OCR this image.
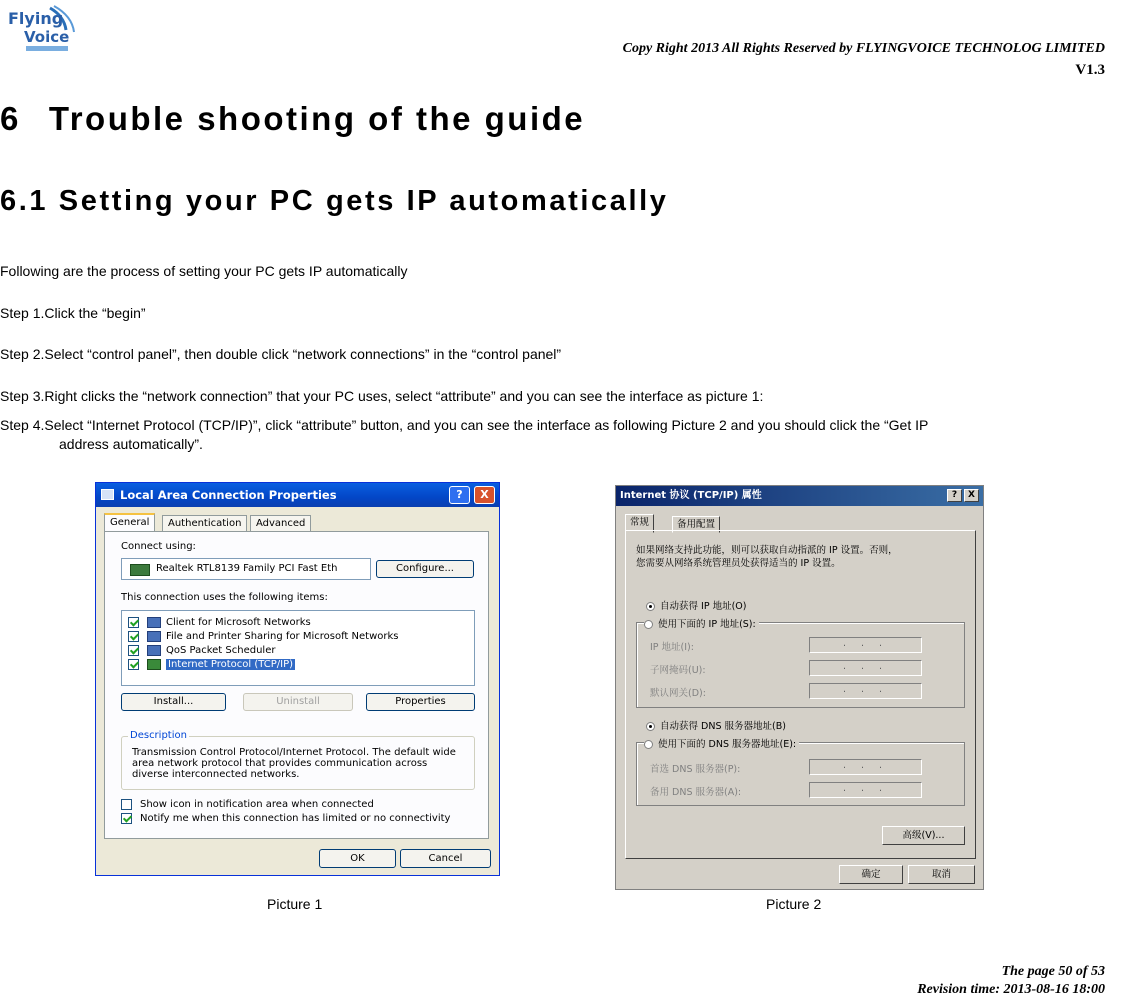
Flying
Voice
Copy Right 2013 All Rights Reserved by FLYINGVOICE TECHNOLOG LIMITED
V1.3
6 Trouble shooting of the guide
6.1 Setting your PC gets IP automatically
Following are the process of setting your PC gets IP automatically
Step 1.Click the “begin”
Step 2.Select “control panel”, then double click “network connections” in the “control panel”
Step 3.Right clicks the “network connection” that your PC uses, select “attribute” and you can see the interface as picture 1:
Step 4.Select “Internet Protocol (TCP/IP)”, click “attribute” button, and you can see the interface as following Picture 2 and you should click the “Get IP
address automatically”.
Local Area Connection Properties	?	X
General	Authentication	Advanced
Connect using:
Realtek RTL8139 Family PCI Fast Eth	Configure...
This connection uses the following items:
Client for Microsoft Networks
File and Printer Sharing for Microsoft Networks
QoS Packet Scheduler
Internet Protocol (TCP/IP)
Install...	Uninstall	Properties
Description
Transmission Control Protocol/Internet Protocol. The default wide area network protocol that provides communication across diverse interconnected networks.
Show icon in notification area when connected
Notify me when this connection has limited or no connectivity
OK	Cancel
Internet 协议 (TCP/IP) 属性	?	X
常规	备用配置
如果网络支持此功能，则可以获取自动指派的 IP 设置。否则，
您需要从网络系统管理员处获得适当的 IP 设置。
自动获得 IP 地址(O)
使用下面的 IP 地址(S):
IP 地址(I):	. . .
子网掩码(U):	. . .
默认网关(D):	. . .
自动获得 DNS 服务器地址(B)
使用下面的 DNS 服务器地址(E):
首选 DNS 服务器(P):	. . .
备用 DNS 服务器(A):	. . .
高级(V)...
确定	取消
Picture 1	Picture 2
The page 50 of 53
Revision time: 2013-08-16 18:00
